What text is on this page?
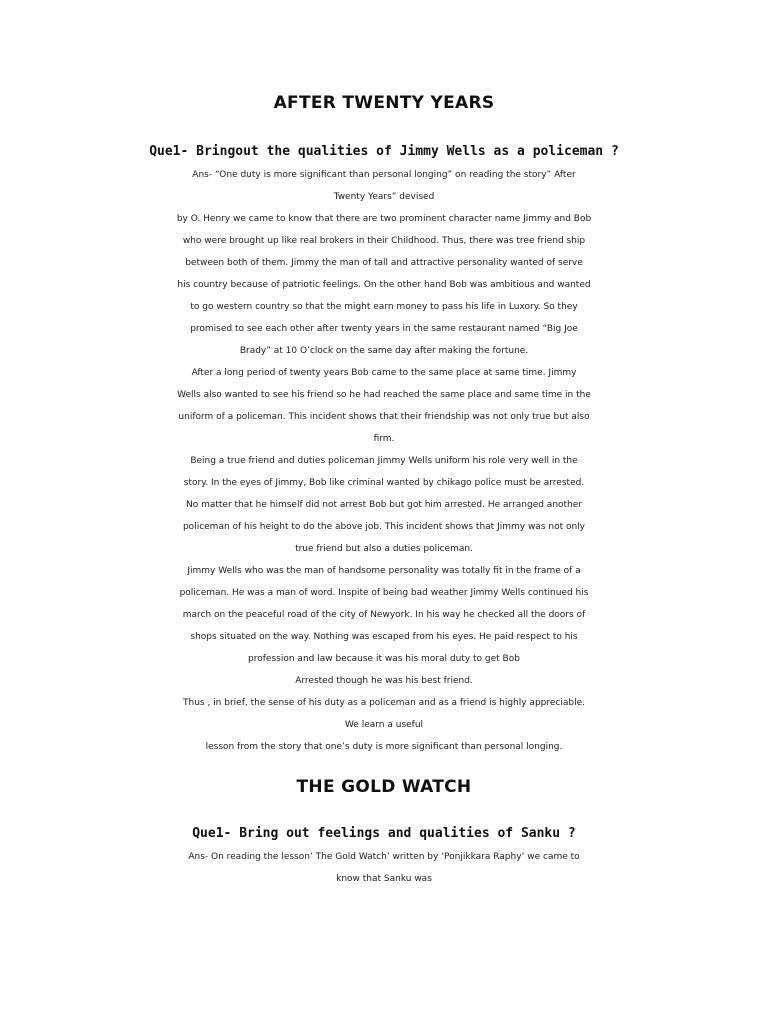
AFTER TWENTY YEARS

Que1- Bringout the qualities of Jimmy Wells as a policeman ?

Ans- “One duty is more significant than personal longing” on reading the story” After

Twenty Years” devised

by O. Henry we came to know that there are two prominent character name Jimmy and Bob

who were brought up like real brokers in their Childhood. Thus, there was tree friend ship

between both of them. Jimmy the man of tall and attractive personality wanted of serve

his country because of patriotic feelings. On the other hand Bob was ambitious and wanted

to go western country so that the might earn money to pass his life in Luxory. So they

promised to see each other after twenty years in the same restaurant named “Big Joe

Brady” at 10 O’clock on the same day after making the fortune.

After a long period of twenty years Bob came to the same place at same time. Jimmy

Wells also wanted to see his friend so he had reached the same place and same time in the

uniform of a policeman. This incident shows that their friendship was not only true but also

firm.

Being a true friend and duties policeman Jimmy Wells uniform his role very well in the

story. In the eyes of Jimmy, Bob like criminal wanted by chikago police must be arrested.

No matter that he himself did not arrest Bob but got him arrested. He arranged another

policeman of his height to do the above job. This incident shows that Jimmy was not only

true friend but also a duties policeman.

Jimmy Wells who was the man of handsome personality was totally fit in the frame of a

policeman. He was a man of word. Inspite of being bad weather Jimmy Wells continued his

march on the peaceful road of the city of Newyork. In his way he checked all the doors of

shops situated on the way. Nothing was escaped from his eyes. He paid respect to his

profession and law because it was his moral duty to get Bob

Arrested though he was his best friend.

Thus , in brief, the sense of his duty as a policeman and as a friend is highly appreciable.

We learn a useful

lesson from the story that one’s duty is more significant than personal longing.

THE GOLD WATCH

Que1- Bring out feelings and qualities of Sanku ?

Ans- On reading the lesson’ The Gold Watch’ written by ‘Ponjikkara Raphy’ we came to

know that Sanku was
